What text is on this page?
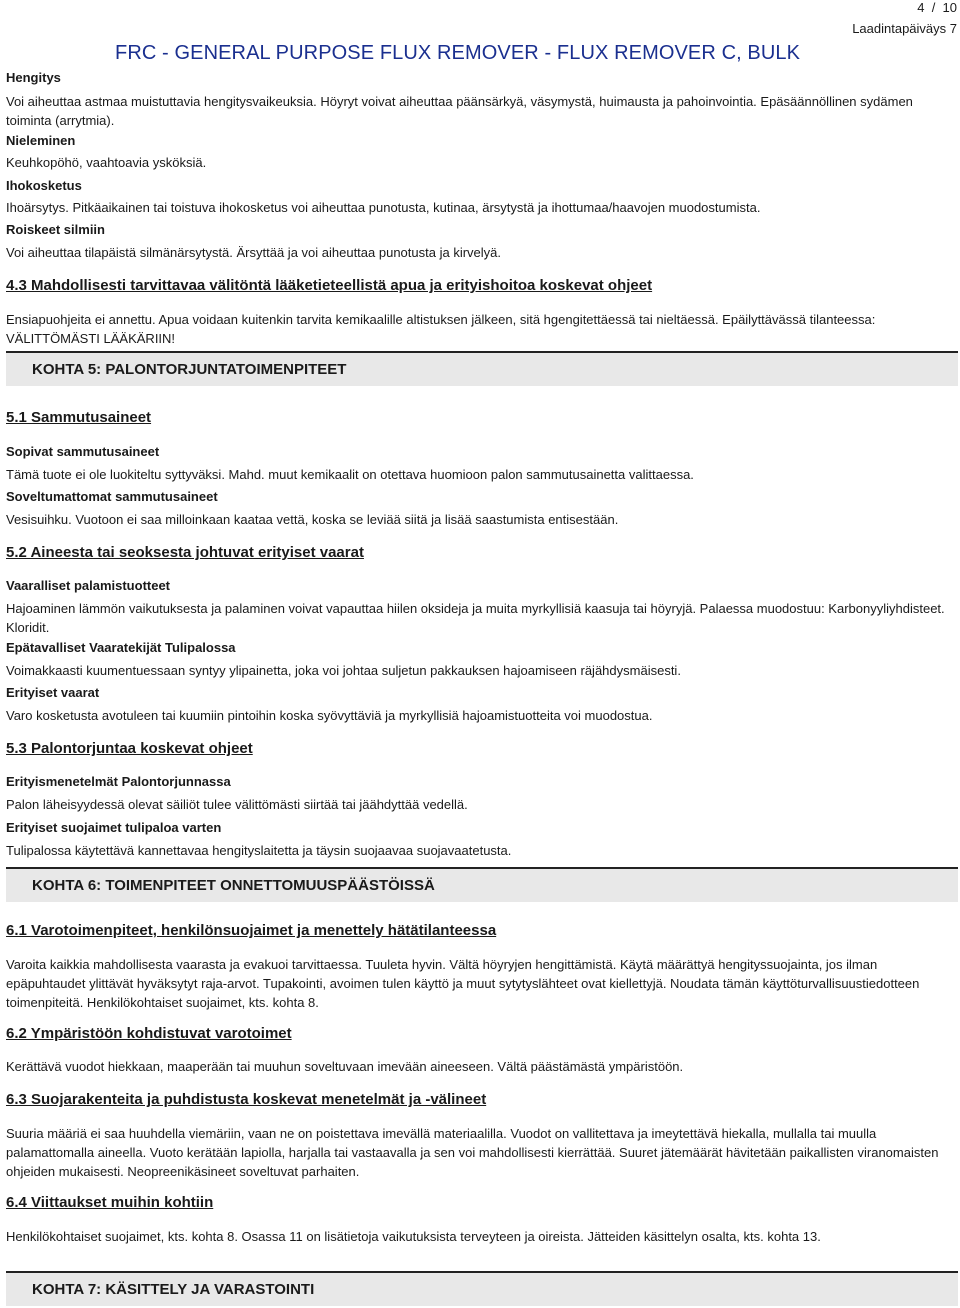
4  /  10
Laadintapäiväys 7
FRC - GENERAL PURPOSE FLUX REMOVER - FLUX REMOVER C, BULK
Hengitys
Voi aiheuttaa astmaa muistuttavia hengitysvaikeuksia. Höyryt voivat aiheuttaa päänsärkyä, väsymystä, huimausta ja pahoinvointia. Epäsäännöllinen sydämen toiminta (arrytmia).
Nieleminen
Keuhkopöhö, vaahtoavia ysköksiä.
Ihokosketus
Ihoärsytys. Pitkäaikainen tai toistuva ihokosketus voi aiheuttaa punotusta, kutinaa, ärsytystä ja ihottumaa/haavojen muodostumista.
Roiskeet silmiin
Voi aiheuttaa tilapäistä silmänärsytystä. Ärsyttää ja voi aiheuttaa punotusta ja kirvelyä.
4.3 Mahdollisesti tarvittavaa välitöntä lääketieteellistä apua ja erityishoitoa koskevat ohjeet
Ensiapuohjeita ei annettu. Apua voidaan kuitenkin tarvita kemikaalille altistuksen jälkeen, sitä hgengitettäessä tai nieltäessä. Epäilyttävässä tilanteessa: VÄLITTÖMÄSTI LÄÄKÄRIIN!
KOHTA 5: PALONTORJUNTATOIMENPITEET
5.1 Sammutusaineet
Sopivat sammutusaineet
Tämä tuote ei ole luokiteltu syttyväksi. Mahd. muut kemikaalit on otettava huomioon palon sammutusainetta valittaessa.
Soveltumattomat sammutusaineet
Vesisuihku. Vuotoon ei saa milloinkaan kaataa vettä, koska se leviää siitä ja lisää saastumista entisestään.
5.2 Aineesta tai seoksesta johtuvat erityiset vaarat
Vaaralliset palamistuotteet
Hajoaminen lämmön vaikutuksesta ja palaminen voivat vapauttaa hiilen oksideja ja muita myrkyllisiä kaasuja tai höyryjä. Palaessa muodostuu: Karbonyyliyhdisteet. Kloridit.
Epätavalliset Vaaratekijät Tulipalossa
Voimakkaasti kuumentuessaan syntyy ylipainetta, joka voi johtaa suljetun pakkauksen hajoamiseen räjähdysmäisesti.
Erityiset vaarat
Varo kosketusta avotuleen tai kuumiin pintoihin koska syövyttäviä ja myrkyllisiä hajoamistuotteita voi muodostua.
5.3 Palontorjuntaa koskevat ohjeet
Erityismenetelmät Palontorjunnassa
Palon läheisyydessä olevat säiliöt tulee välittömästi siirtää tai jäähdyttää vedellä.
Erityiset suojaimet tulipaloa varten
Tulipalossa käytettävä kannettavaa hengityslaitetta ja täysin suojaavaa suojavaatetusta.
KOHTA 6: TOIMENPITEET ONNETTOMUUSPÄÄSTÖISSÄ
6.1 Varotoimenpiteet, henkilönsuojaimet ja menettely hätätilanteessa
Varoita kaikkia mahdollisesta vaarasta ja evakuoi tarvittaessa. Tuuleta hyvin. Vältä höyryjen hengittämistä. Käytä määrättyä hengityssuojainta, jos ilman epäpuhtaudet ylittävät hyväksytyt raja-arvot. Tupakointi, avoimen tulen käyttö ja muut sytytyslähteet ovat kiellettyjä. Noudata tämän käyttöturvallisuustiedotteen toimenpiteitä. Henkilökohtaiset suojaimet, kts. kohta 8.
6.2 Ympäristöön kohdistuvat varotoimet
Kerättävä vuodot hiekkaan, maaperään tai muuhun soveltuvaan imevään aineeseen. Vältä päästämästä ympäristöön.
6.3 Suojarakenteita ja puhdistusta koskevat menetelmät ja -välineet
Suuria määriä ei saa huuhdella viemäriin, vaan ne on poistettava imevällä materiaalilla. Vuodot on vallitettava ja imeytettävä hiekalla, mullalla tai muulla palamattomalla aineella. Vuoto kerätään lapiolla, harjalla tai vastaavalla ja sen voi mahdollisesti kierrättää. Suuret jätemäärät hävitetään paikallisten viranomaisten ohjeiden mukaisesti. Neopreenikäsineet soveltuvat parhaiten.
6.4 Viittaukset muihin kohtiin
Henkilökohtaiset suojaimet, kts. kohta 8. Osassa 11 on lisätietoja vaikutuksista terveyteen ja oireista. Jätteiden käsittelyn osalta, kts. kohta 13.
KOHTA 7: KÄSITTELY JA VARASTOINTI
